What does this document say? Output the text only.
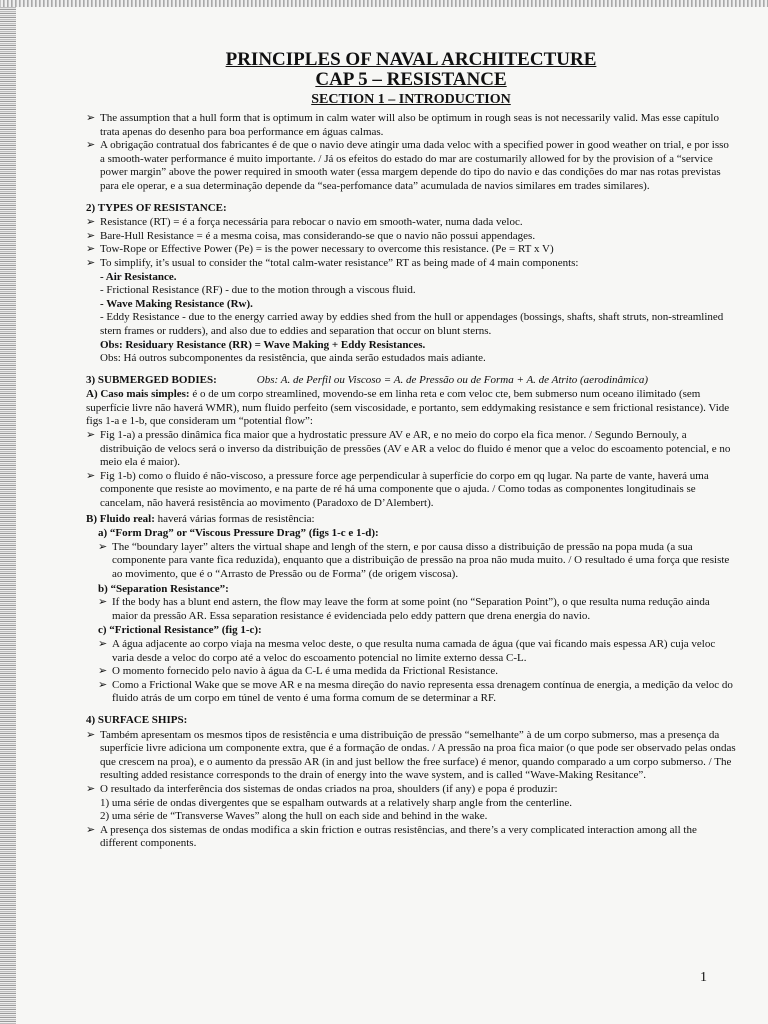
PRINCIPLES OF NAVAL ARCHITECTURE
CAP 5 – RESISTANCE
SECTION 1 – INTRODUCTION
➢ The assumption that a hull form that is optimum in calm water will also be optimum in rough seas is not necessarily valid. Mas esse capítulo trata apenas do desenho para boa performance em águas calmas.
➢ A obrigação contratual dos fabricantes é de que o navio deve atingir uma dada veloc with a specified power in good weather on trial, e por isso a smooth-water performance é muito importante. / Já os efeitos do estado do mar are costumarily allowed for by the provision of a “service power margin” above the power required in smooth water (essa margem depende do tipo do navio e das condições do mar nas rotas previstas para ele operar, e a sua determinação depende da “sea-perfomance data” acumulada de navios similares em trades similares).
2) TYPES OF RESISTANCE:
➢ Resistance (RT) = é a força necessária para rebocar o navio em smooth-water, numa dada veloc.
➢ Bare-Hull Resistance = é a mesma coisa, mas considerando-se que o navio não possui appendages.
➢ Tow-Rope or Effective Power (Pe) = is the power necessary to overcome this resistance. (Pe = RT x V)
➢ To simplify, it’s usual to consider the “total calm-water resistance” RT as being made of 4 main components:
- Air Resistance.
- Frictional Resistance (RF) - due to the motion through a viscous fluid.
- Wave Making Resistance (Rw).
- Eddy Resistance - due to the energy carried away by eddies shed from the hull or appendages (bossings, shafts, shaft struts, non-streamlined stern frames or rudders), and also due to eddies and separation that occur on blunt sterns.
Obs: Residuary Resistance (RR) = Wave Making + Eddy Resistances.
Obs: Há outros subcomponentes da resistência, que ainda serão estudados mais adiante.
3) SUBMERGED BODIES:	Obs: A. de Perfil ou Viscoso = A. de Pressão ou de Forma + A. de Atrito (aerodinâmica)

A) Caso mais simples: é o de um corpo streamlined, movendo-se em linha reta e com veloc cte, bem submerso num oceano ilimitado (sem superfície livre não haverá WMR), num fluido perfeito (sem viscosidade, e portanto, sem eddymaking resistance e sem frictional resistance). Vide figs 1-a e 1-b, que consideram um “potential flow”:

➢ Fig 1-a) a pressão dinâmica fica maior que a hydrostatic pressure AV e AR, e no meio do corpo ela fica menor. / Segundo Bernouly, a distribuição de velocs será o inverso da distribuição de pressões (AV e AR a veloc do fluido é menor que a veloc do escoamento potencial, e no meio ela é maior).
➢ Fig 1-b) como o fluido é não-viscoso, a pressure force age perpendicular à superfície do corpo em qq lugar. Na parte de vante, haverá uma componente que resiste ao movimento, e na parte de ré há uma componente que o ajuda. / Como todas as componentes longitudinais se cancelam, não haverá resistência ao movimento (Paradoxo de D’Alembert).

B) Fluido real: haverá várias formas de resistência:

a) “Form Drag” or “Viscous Pressure Drag” (figs 1-c e 1-d):
➢ The “boundary layer” alters the virtual shape and lengh of the stern, e por causa disso a distribuição de pressão na popa muda (a sua componente para vante fica reduzida), enquanto que a distribuição de pressão na proa não muda muito. / O resultado é uma força que resiste ao movimento, que é o “Arrasto de Pressão ou de Forma” (de origem viscosa).
b) “Separation Resistance”:
➢ If the body has a blunt end astern, the flow may leave the form at some point (no “Separation Point”), o que resulta numa redução ainda maior da pressão AR. Essa separation resistance é evidenciada pelo eddy pattern que drena energia do navio.
c) “Frictional Resistance” (fig 1-c):
➢ A água adjacente ao corpo viaja na mesma veloc deste, o que resulta numa camada de água (que vai ficando mais espessa AR) cuja veloc varia desde a veloc do corpo até a veloc do escoamento potencial no limite externo dessa C-L.
➢ O momento fornecido pelo navio à água da C-L é uma medida da Frictional Resistance.
➢ Como a Frictional Wake que se move AR e na mesma direção do navio representa essa drenagem contínua de energia, a medição da veloc do fluido atrás de um corpo em túnel de vento é uma forma comum de se determinar a RF.
4) SURFACE SHIPS:
➢ Também apresentam os mesmos tipos de resistência e uma distribuição de pressão “semelhante” à de um corpo submerso, mas a presença da superfície livre adiciona um componente extra, que é a formação de ondas. / A pressão na proa fica maior (o que pode ser observado pelas ondas que crescem na proa), e o aumento da pressão AR (in and just bellow the free surface) é menor, quando comparado a um corpo submerso. / The resulting added resistance corresponds to the drain of energy into the wave system, and is called “Wave-Making Resitance”.
➢ O resultado da interferência dos sistemas de ondas criados na proa, shoulders (if any) e popa é produzir:
1) uma série de ondas divergentes que se espalham outwards at a relatively sharp angle from the centerline.
2) uma série de “Transverse Waves” along the hull on each side and behind in the wake.
➢ A presença dos sistemas de ondas modifica a skin friction e outras resistências, and there’s a very complicated interaction among all the different components.
1
